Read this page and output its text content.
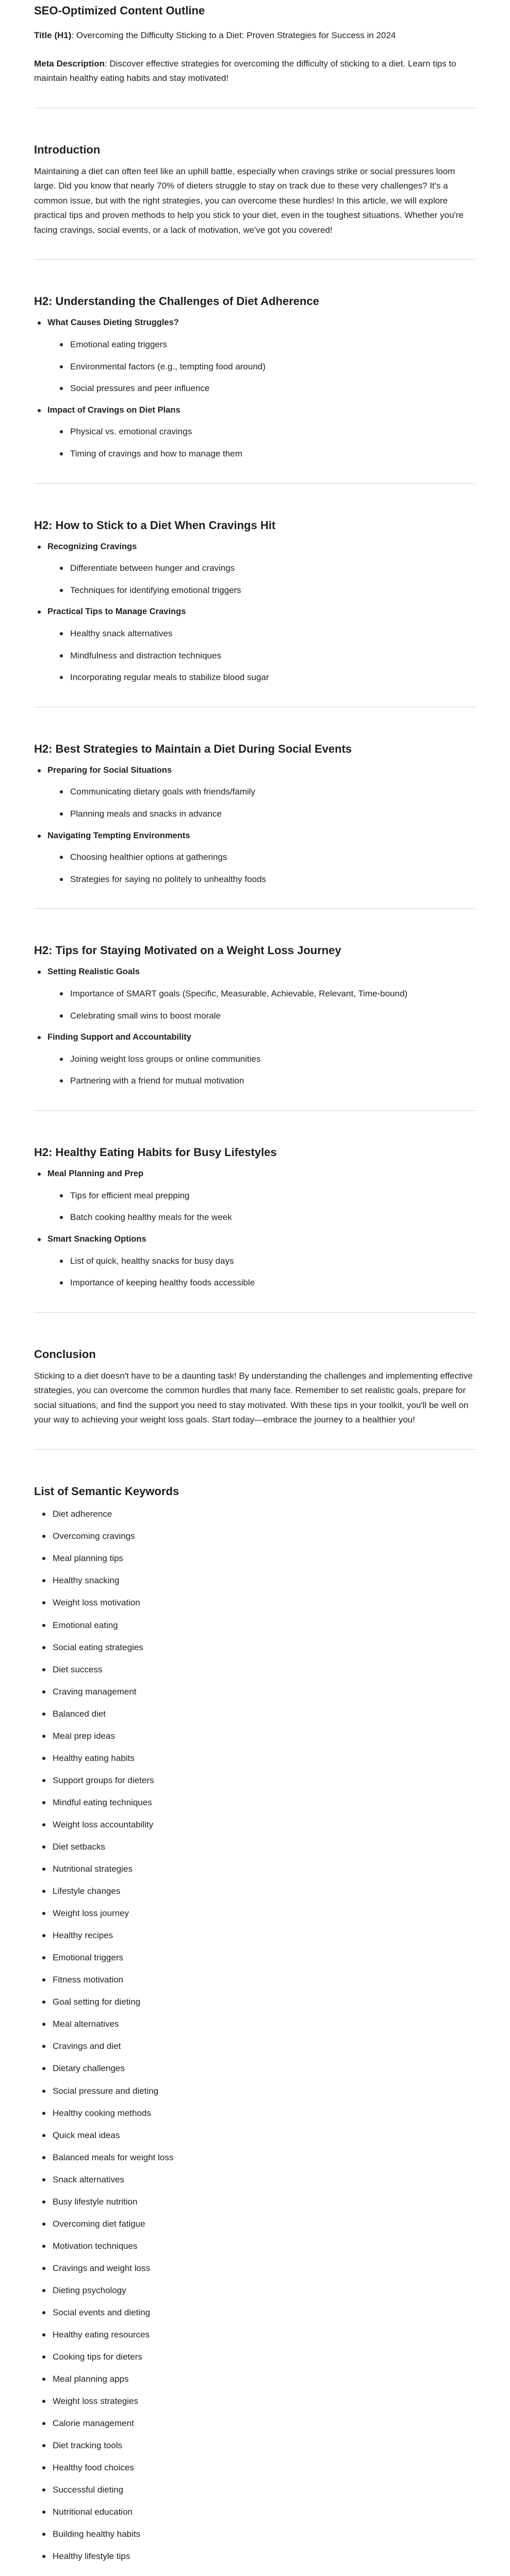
SEO-Optimized Content Outline

Title (H1): Overcoming the Difficulty Sticking to a Diet: Proven Strategies for Success in 2024

Meta Description: Discover effective strategies for overcoming the difficulty of sticking to a diet. Learn tips to maintain healthy eating habits and stay motivated!

Introduction

Maintaining a diet can often feel like an uphill battle, especially when cravings strike or social pressures loom large. Did you know that nearly 70% of dieters struggle to stay on track due to these very challenges? It's a common issue, but with the right strategies, you can overcome these hurdles! In this article, we will explore practical tips and proven methods to help you stick to your diet, even in the toughest situations. Whether you're facing cravings, social events, or a lack of motivation, we've got you covered!

H2: Understanding the Challenges of Diet Adherence
What Causes Dieting Struggles?
Emotional eating triggers
Environmental factors (e.g., tempting food around)
Social pressures and peer influence
Impact of Cravings on Diet Plans
Physical vs. emotional cravings
Timing of cravings and how to manage them
H2: How to Stick to a Diet When Cravings Hit
Recognizing Cravings
Differentiate between hunger and cravings
Techniques for identifying emotional triggers
Practical Tips to Manage Cravings
Healthy snack alternatives
Mindfulness and distraction techniques
Incorporating regular meals to stabilize blood sugar
H2: Best Strategies to Maintain a Diet During Social Events
Preparing for Social Situations
Communicating dietary goals with friends/family
Planning meals and snacks in advance
Navigating Tempting Environments
Choosing healthier options at gatherings
Strategies for saying no politely to unhealthy foods
H2: Tips for Staying Motivated on a Weight Loss Journey
Setting Realistic Goals
Importance of SMART goals (Specific, Measurable, Achievable, Relevant, Time-bound)
Celebrating small wins to boost morale
Finding Support and Accountability
Joining weight loss groups or online communities
Partnering with a friend for mutual motivation
H2: Healthy Eating Habits for Busy Lifestyles
Meal Planning and Prep
Tips for efficient meal prepping
Batch cooking healthy meals for the week
Smart Snacking Options
List of quick, healthy snacks for busy days
Importance of keeping healthy foods accessible
Conclusion

Sticking to a diet doesn't have to be a daunting task! By understanding the challenges and implementing effective strategies, you can overcome the common hurdles that many face. Remember to set realistic goals, prepare for social situations, and find the support you need to stay motivated. With these tips in your toolkit, you'll be well on your way to achieving your weight loss goals. Start today—embrace the journey to a healthier you!

List of Semantic Keywords
Diet adherence
Overcoming cravings
Meal planning tips
Healthy snacking
Weight loss motivation
Emotional eating
Social eating strategies
Diet success
Craving management
Balanced diet
Meal prep ideas
Healthy eating habits
Support groups for dieters
Mindful eating techniques
Weight loss accountability
Diet setbacks
Nutritional strategies
Lifestyle changes
Weight loss journey
Healthy recipes
Emotional triggers
Fitness motivation
Goal setting for dieting
Meal alternatives
Cravings and diet
Dietary challenges
Social pressure and dieting
Healthy cooking methods
Quick meal ideas
Balanced meals for weight loss
Snack alternatives
Busy lifestyle nutrition
Overcoming diet fatigue
Motivation techniques
Cravings and weight loss
Dieting psychology
Social events and dieting
Healthy eating resources
Cooking tips for dieters
Meal planning apps
Weight loss strategies
Calorie management
Diet tracking tools
Healthy food choices
Successful dieting
Nutritional education
Building healthy habits
Healthy lifestyle tips
